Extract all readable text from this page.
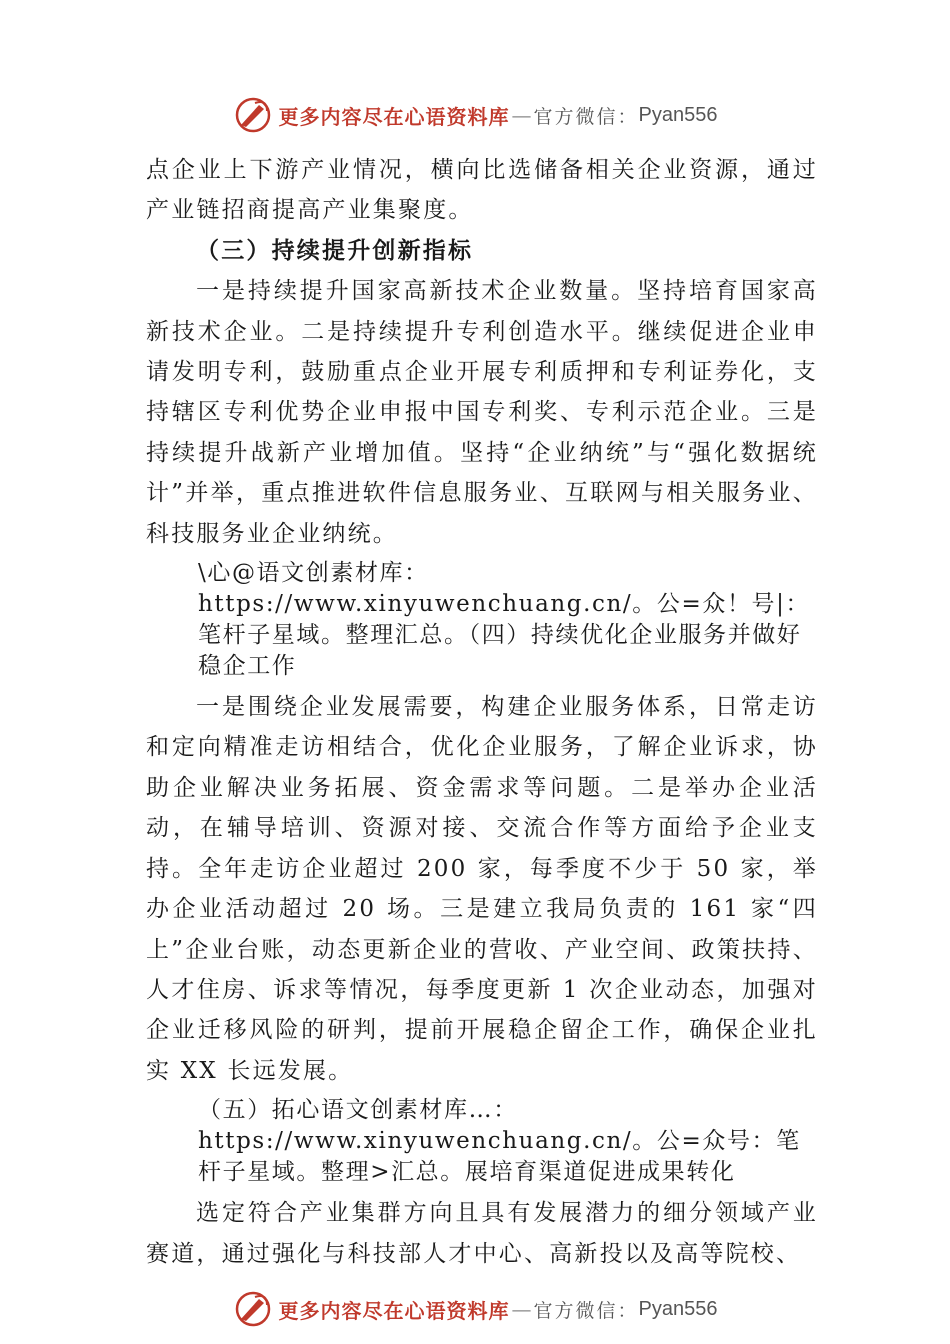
更多内容尽在心语资料库 — 官方微信： Pyan556

点企业上下游产业情况，横向比选储备相关企业资源，通过产业链招商提高产业集聚度。

（三）持续提升创新指标

一是持续提升国家高新技术企业数量。坚持培育国家高新技术企业。二是持续提升专利创造水平。继续促进企业申请发明专利，鼓励重点企业开展专利质押和专利证券化，支持辖区专利优势企业申报中国专利奖、专利示范企业。三是持续提升战新产业增加值。坚持“企业纳统”与“强化数据统计”并举，重点推进软件信息服务业、互联网与相关服务业、科技服务业企业纳统。

\心@语文创素材库：https://www.xinyuwenchuang.cn/。公=众！号|：笔杆子星域。整理汇总。（四）持续优化企业服务并做好稳企工作

一是围绕企业发展需要，构建企业服务体系，日常走访和定向精准走访相结合，优化企业服务，了解企业诉求，协助企业解决业务拓展、资金需求等问题。二是举办企业活动，在辅导培训、资源对接、交流合作等方面给予企业支持。全年走访企业超过 200 家，每季度不少于 50 家，举办企业活动超过 20 场。三是建立我局负责的 161 家“四上”企业台账，动态更新企业的营收、产业空间、政策扶持、人才住房、诉求等情况，每季度更新 1 次企业动态，加强对企业迁移风险的研判，提前开展稳企留企工作，确保企业扎实 XX 长远发展。

（五）拓心语文创素材库…：https://www.xinyuwenchuang.cn/。公=众号：笔杆子星域。整理>汇总。展培育渠道促进成果转化

选定符合产业集群方向且具有发展潜力的细分领域产业赛道，通过强化与科技部人才中心、高新投以及高等院校、

更多内容尽在心语资料库 — 官方微信： Pyan556
